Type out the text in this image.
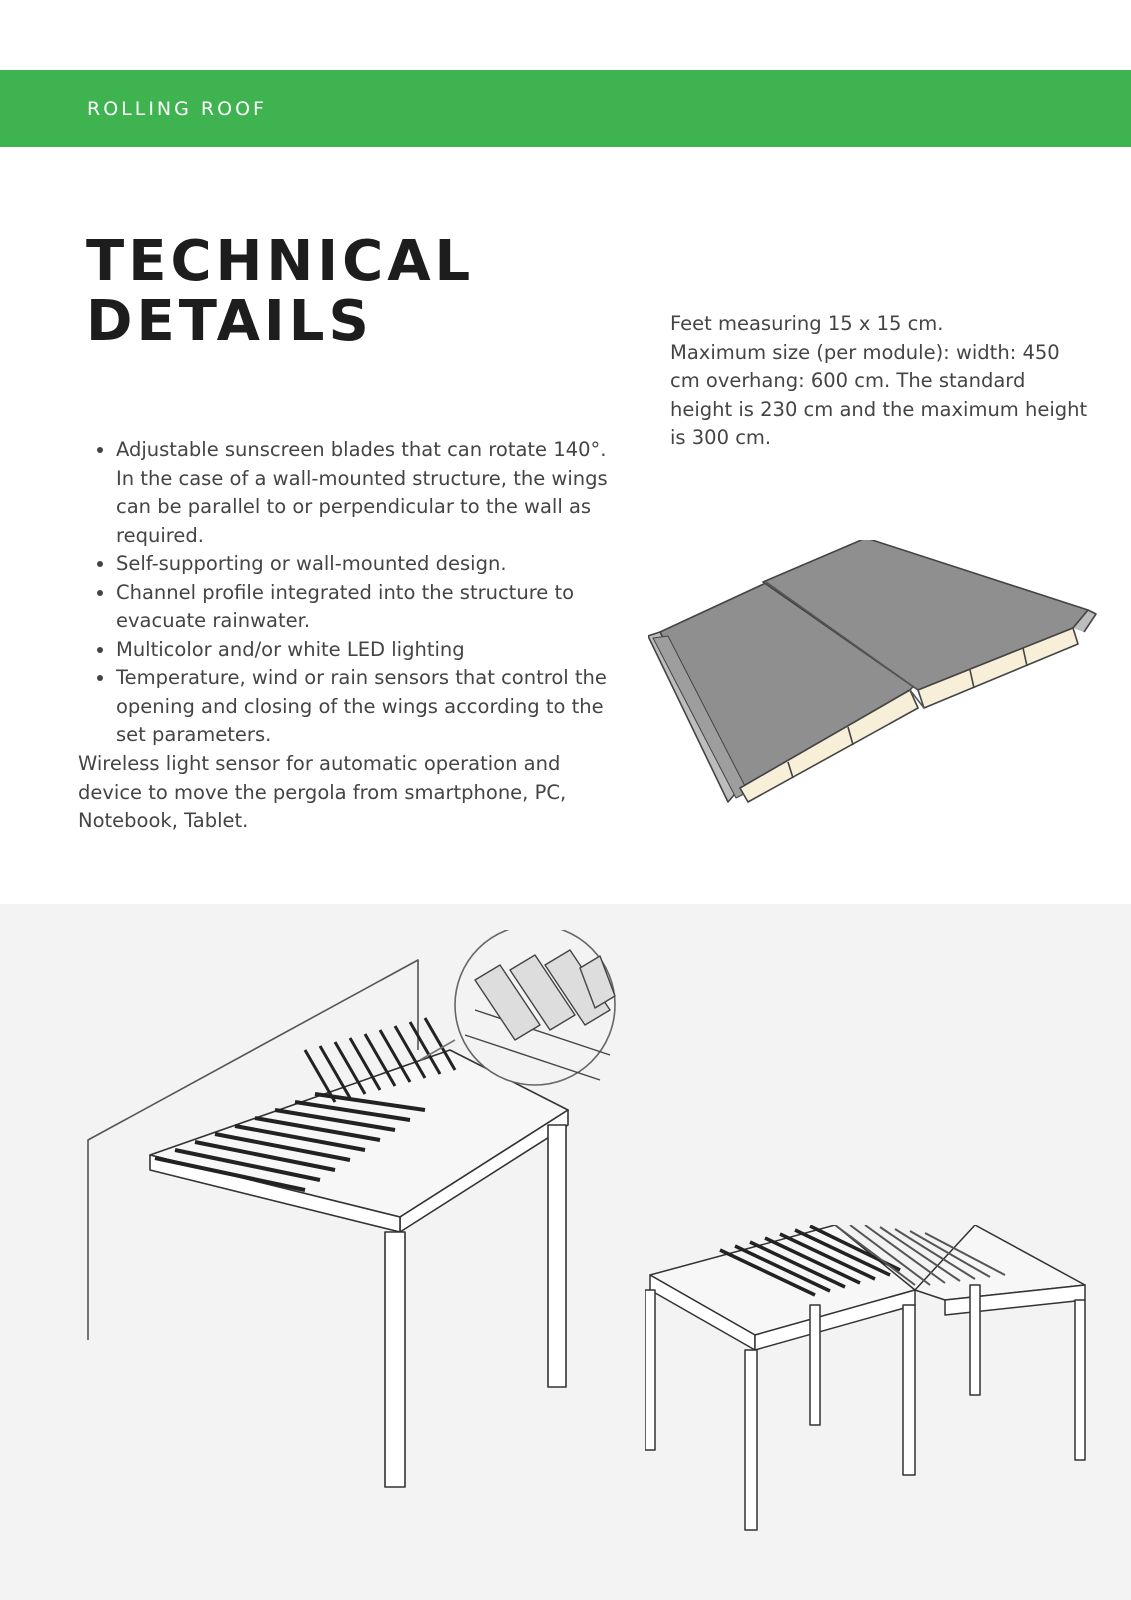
ROLLING ROOF
TECHNICAL
DETAILS
• Adjustable sunscreen blades that can rotate 140°. In the case of a wall-mounted structure, the wings can be parallel to or perpendicular to the wall as required.
• Self-supporting or wall-mounted design.
• Channel profile integrated into the structure to evacuate rainwater.
• Multicolor and/or white LED lighting
• Temperature, wind or rain sensors that control the opening and closing of the wings according to the set parameters.

Wireless light sensor for automatic operation and device to move the pergola from smartphone, PC, Notebook, Tablet.

Feet measuring 15 x 15 cm.

Maximum size (per module): width: 450 cm overhang: 600 cm. The standard height is 230 cm and the maximum height is 300 cm.
